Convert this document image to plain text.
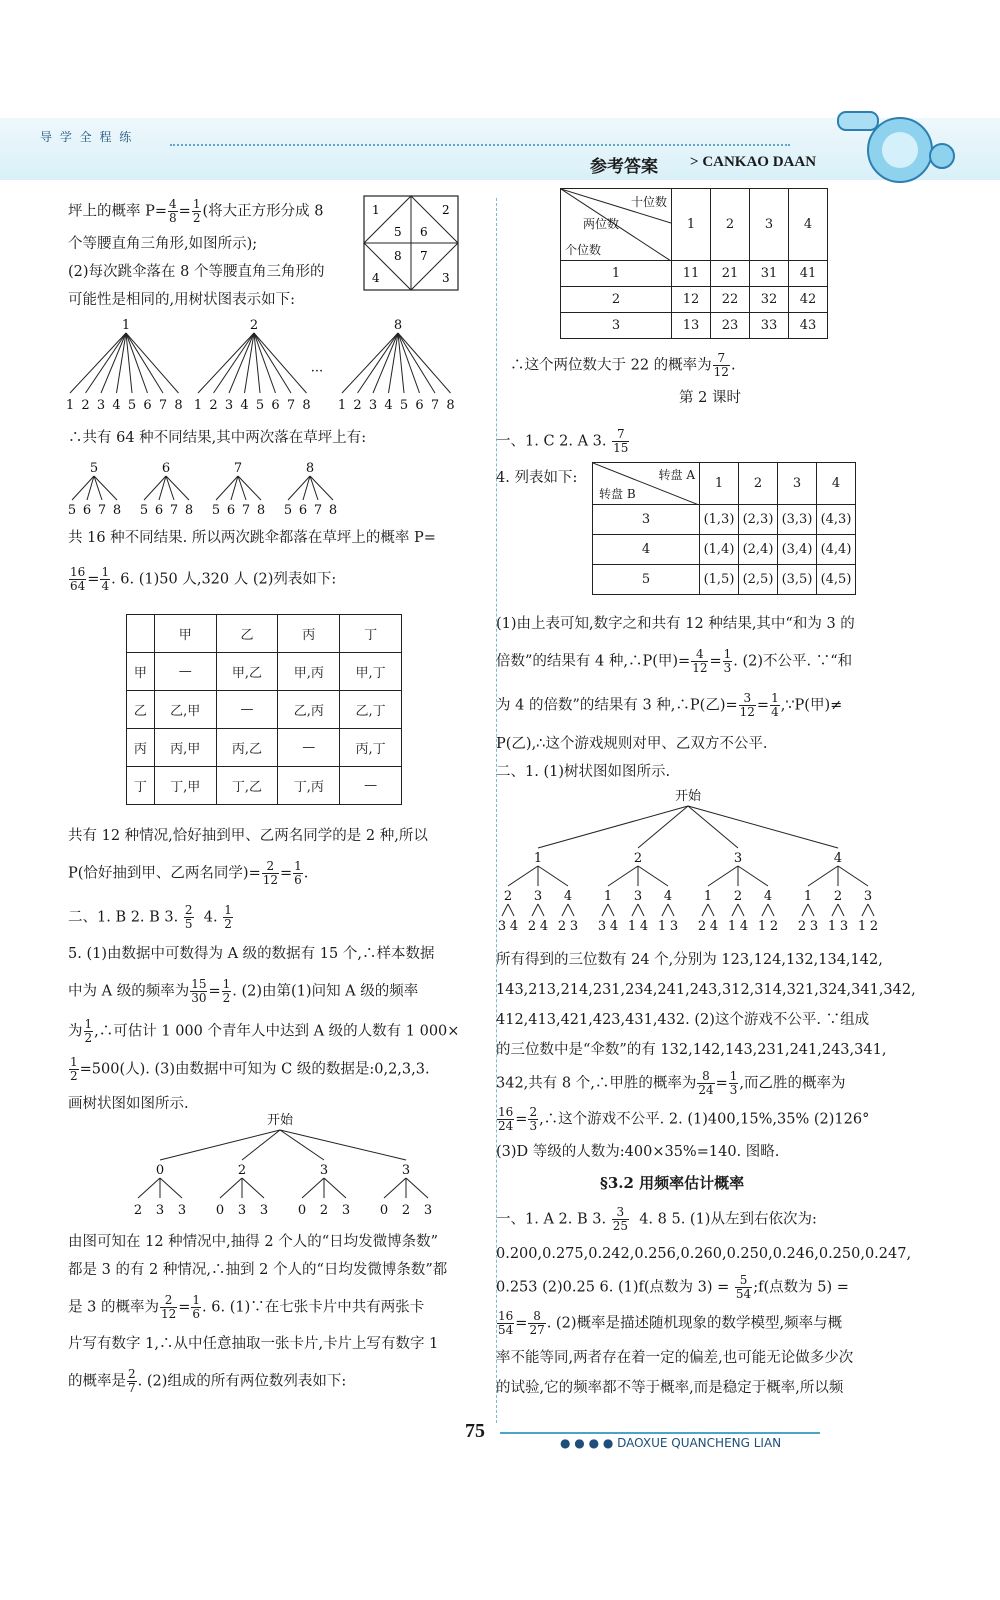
导 学 全 程 练
参考答案 > CANKAO DAAN
坪上的概率 $P= \frac{4}{8} = \frac{1}{2}$ (将大正方形分成 8
个等腰直角三角形,如图所示);
(2)每次跳伞落在 8 个等腰直角三角形的
可能性是相同的,用树状图表示如下:
1	2
5 6
8 7
4	3
1
1 2 3 4 5 6 7 8
2
1 2 3 4 5 6 7 8
8
1 2 3 4 5 6 7 8
···
∴共有 64 种不同结果,其中两次落在草坪上有:
5
5 6 7 8
6
5 6 7 8
7
5 6 7 8
8
5 6 7 8
共 16 种不同结果. 所以两次跳伞都落在草坪上的概率 P=
$\frac{16}{64} = \frac{1}{4}$ . 6. (1)50 人,320 人 (2)列表如下:
	甲	乙	丙	丁
甲	—	甲,乙	甲,丙	甲,丁
乙	乙,甲	—	乙,丙	乙,丁
丙	丙,甲	丙,乙	—	丙,丁
丁	丁,甲	丁,乙	丁,丙	—
共有 12 种情况,恰好抽到甲、乙两名同学的是 2 种,所以
P(恰好抽到甲、乙两名同学)= $\frac{2}{12} = \frac{1}{6}$ .
二、1. B 2. B 3. $\frac{2}{5} 4$. $\frac{1}{2}$
5. (1)由数据中可数得为 A 级的数据有 15 个,∴样本数据
中为 A 级的频率为 $\frac{15}{30} = \frac{1}{2}$ . (2)由第(1)问知 A 级的频率
为 $\frac{1}{2}$ ,∴可估计 1 000 个青年人中达到 A 级的人数有 1 000×
$\frac{1}{2} =500$(人). (3)由数据中可知为 C 级的数据是:0,2,3,3.
画树状图如图所示.
开始
0
2 3 3
2
0 3 3
3
0 2 3
3
0 2 3
由图可知在 12 种情况中,抽得 2 个人的“日均发微博条数”
都是 3 的有 2 种情况,∴抽到 2 个人的“日均发微博条数”都
是 3 的概率为 $\frac{2}{12} = \frac{1}{6}$ . 6. (1)∵在七张卡片中共有两张卡
片写有数字 1,∴从中任意抽取一张卡片,卡片上写有数字 1
的概率是 $\frac{2}{7}$ . (2)组成的所有两位数列表如下:
十位数
两位数
个位数	1	2	3	4
1	11	21	31	41
2	12	22	32	42
3	13	23	33	43
∴这个两位数大于 22 的概率为 $\frac{7}{12}$ .
第 2 课时
一、1. C 2. A 3. $\frac{7}{15}$
4. 列表如下:	转盘 A
转盘 B	1	2	3	4
3	(1,3)	(2,3)	(3,3)	(4,3)
4	(1,4)	(2,4)	(3,4)	(4,4)
5	(1,5)	(2,5)	(3,5)	(4,5)
(1)由上表可知,数字之和共有 12 种结果,其中“和为 3 的
倍数”的结果有 4 种,∴P(甲)= $\frac{4}{12} = \frac{1}{3}$ . (2)不公平. ∵“和
为 4 的倍数”的结果有 3 种,∴P(乙)= $\frac{3}{12} = \frac{1}{4}$ ,∵P(甲)≠
P(乙),∴这个游戏规则对甲、乙双方不公平.
二、1. (1)树状图如图所示.
开始
1
2
3 4
3
2 4
4
2 3
2
1
3 4
3
1 4
4
1 3
3
1
2 4
2
1 4
4
1 2
4
1
2 3
2
1 3
3
1 2
所有得到的三位数有 24 个,分别为 123,124,132,134,142,
143,213,214,231,234,241,243,312,314,321,324,341,342,
412,413,421,423,431,432. (2)这个游戏不公平. ∵组成
的三位数中是“伞数”的有 132,142,143,231,241,243,341,
342,共有 8 个,∴甲胜的概率为 $\frac{8}{24} = \frac{1}{3}$ ,而乙胜的概率为
$\frac{16}{24} = \frac{2}{3}$ ,∴这个游戏不公平. 2. (1)400,15%,35% (2)126°
(3)D 等级的人数为:400×35%=140. 图略.
§3.2 用频率估计概率
一、1. A 2. B 3. $\frac{3}{25} 4$. 8 5. (1)从左到右依次为:
0.200,0.275,0.242,0.256,0.260,0.250,0.246,0.250,0.247,
0.253 (2)0.25 6. (1)f(点数为 $3) = \frac{5}{54}$ ;f(点数为 5) =
$\frac{16}{54} = \frac{8}{27}$ . (2)概率是描述随机现象的数学模型,频率与概
率不能等同,两者存在着一定的偏差,也可能无论做多少次
的试验,它的频率都不等于概率,而是稳定于概率,所以频
75
● ● ● ● DAOXUE QUANCHENG LIAN
